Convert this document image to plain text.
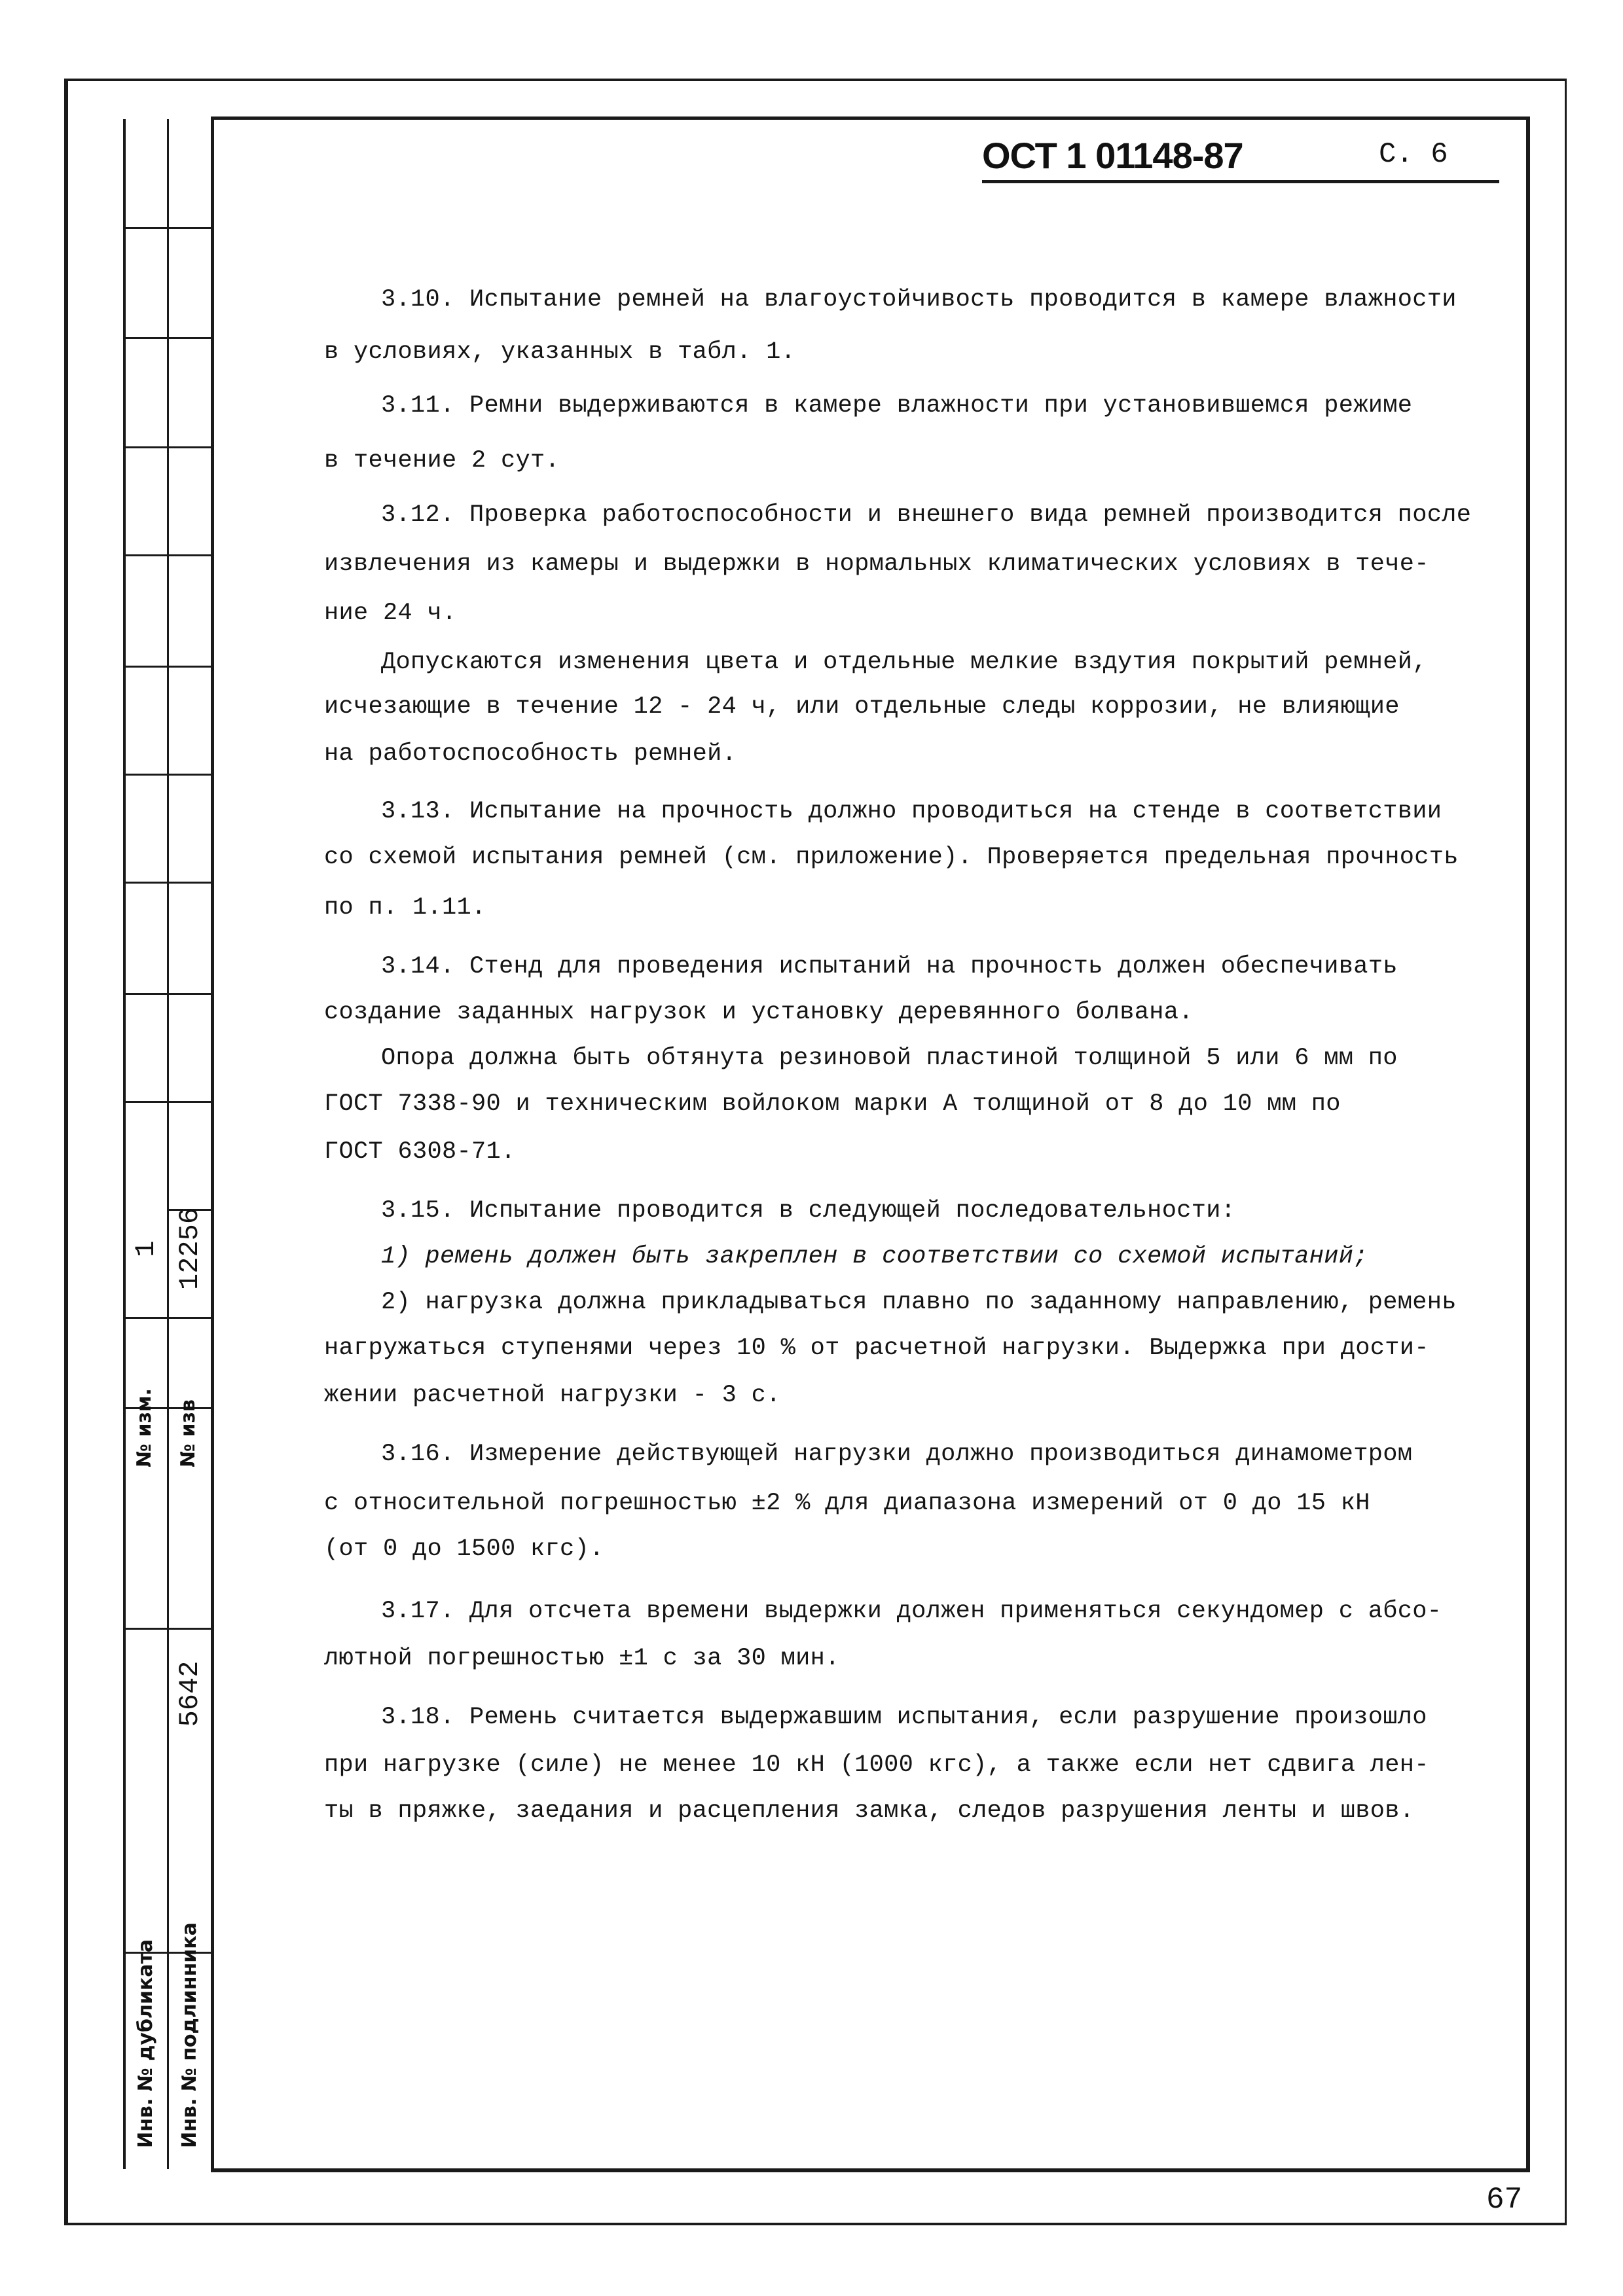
№ изм. № изв
1 12256
5642
Инв. № дубликата Инв. № подлинника
ОСТ 1 01148-87	С. 6
3.10. Испытание ремней на влагоустойчивость проводится в камере влажности
в условиях, указанных в табл. 1.
3.11. Ремни выдерживаются в камере влажности при установившемся режиме
в течение 2 сут.
3.12. Проверка работоспособности и внешнего вида ремней производится после
извлечения из камеры и выдержки в нормальных климатических условиях в тече-
ние 24 ч.
Допускаются изменения цвета и отдельные мелкие вздутия покрытий ремней,
исчезающие в течение 12 - 24 ч, или отдельные следы коррозии, не влияющие
на работоспособность ремней.
3.13. Испытание на прочность должно проводиться на стенде в соответствии
со схемой испытания ремней (см. приложение). Проверяется предельная прочность
по п. 1.11.
3.14. Стенд для проведения испытаний на прочность должен обеспечивать
создание заданных нагрузок и установку деревянного болвана.
Опора должна быть обтянута резиновой пластиной толщиной 5 или 6 мм по
ГОСТ 7338-90 и техническим войлоком марки А толщиной от 8 до 10 мм по
ГОСТ 6308-71.
3.15. Испытание проводится в следующей последовательности:
1) ремень должен быть закреплен в соответствии со схемой испытаний;
2) нагрузка должна прикладываться плавно по заданному направлению, ремень
нагружаться ступенями через 10 % от расчетной нагрузки. Выдержка при дости-
жении расчетной нагрузки - 3 с.
3.16. Измерение действующей нагрузки должно производиться динамометром
с относительной погрешностью ±2 % для диапазона измерений от 0 до 15 кН
(от 0 до 1500 кгс).
3.17. Для отсчета времени выдержки должен применяться секундомер с абсо-
лютной погрешностью ±1 с за 30 мин.
3.18. Ремень считается выдержавшим испытания, если разрушение произошло
при нагрузке (силе) не менее 10 кН (1000 кгс), а также если нет сдвига лен-
ты в пряжке, заедания и расцепления замка, следов разрушения ленты и швов.
67
